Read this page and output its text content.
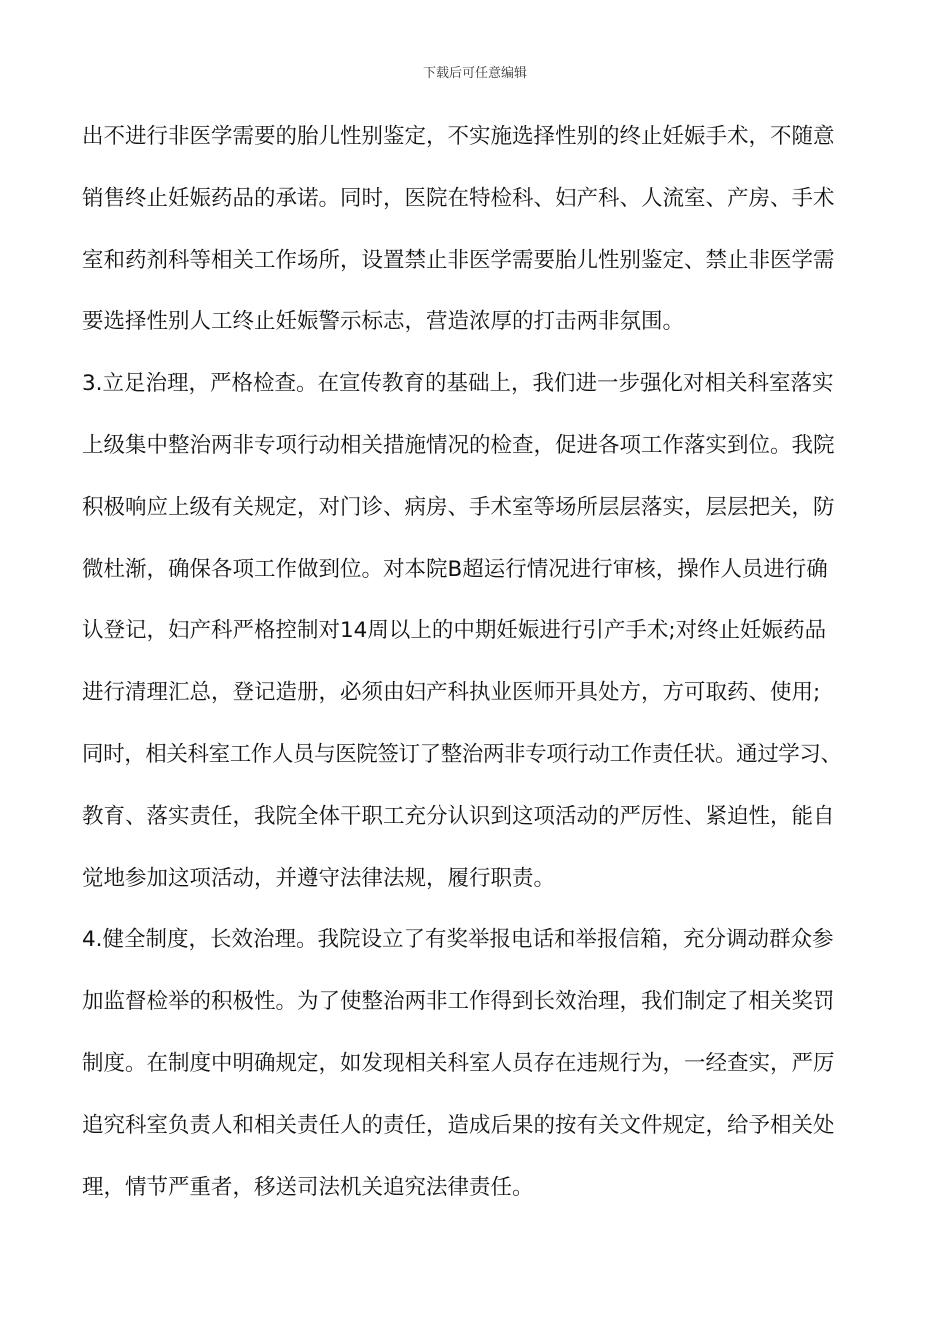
下载后可任意编辑
出不进行非医学需要的胎儿性别鉴定，不实施选择性别的终止妊娠手术，不随意
销售终止妊娠药品的承诺。同时，医院在特检科、妇产科、人流室、产房、手术
室和药剂科等相关工作场所，设置禁止非医学需要胎儿性别鉴定、禁止非医学需
要选择性别人工终止妊娠警示标志，营造浓厚的打击两非氛围。
3.立足治理，严格检查。在宣传教育的基础上，我们进一步强化对相关科室落实
上级集中整治两非专项行动相关措施情况的检查，促进各项工作落实到位。我院
积极响应上级有关规定，对门诊、病房、手术室等场所层层落实，层层把关，防
微杜渐，确保各项工作做到位。对本院B超运行情况进行审核，操作人员进行确
认登记，妇产科严格控制对14周以上的中期妊娠进行引产手术;对终止妊娠药品
进行清理汇总，登记造册，必须由妇产科执业医师开具处方，方可取药、使用;
同时，相关科室工作人员与医院签订了整治两非专项行动工作责任状。通过学习、
教育、落实责任，我院全体干职工充分认识到这项活动的严厉性、紧迫性，能自
觉地参加这项活动，并遵守法律法规，履行职责。
4.健全制度，长效治理。我院设立了有奖举报电话和举报信箱，充分调动群众参
加监督检举的积极性。为了使整治两非工作得到长效治理，我们制定了相关奖罚
制度。在制度中明确规定，如发现相关科室人员存在违规行为，一经查实，严厉
追究科室负责人和相关责任人的责任，造成后果的按有关文件规定，给予相关处
理，情节严重者，移送司法机关追究法律责任。
